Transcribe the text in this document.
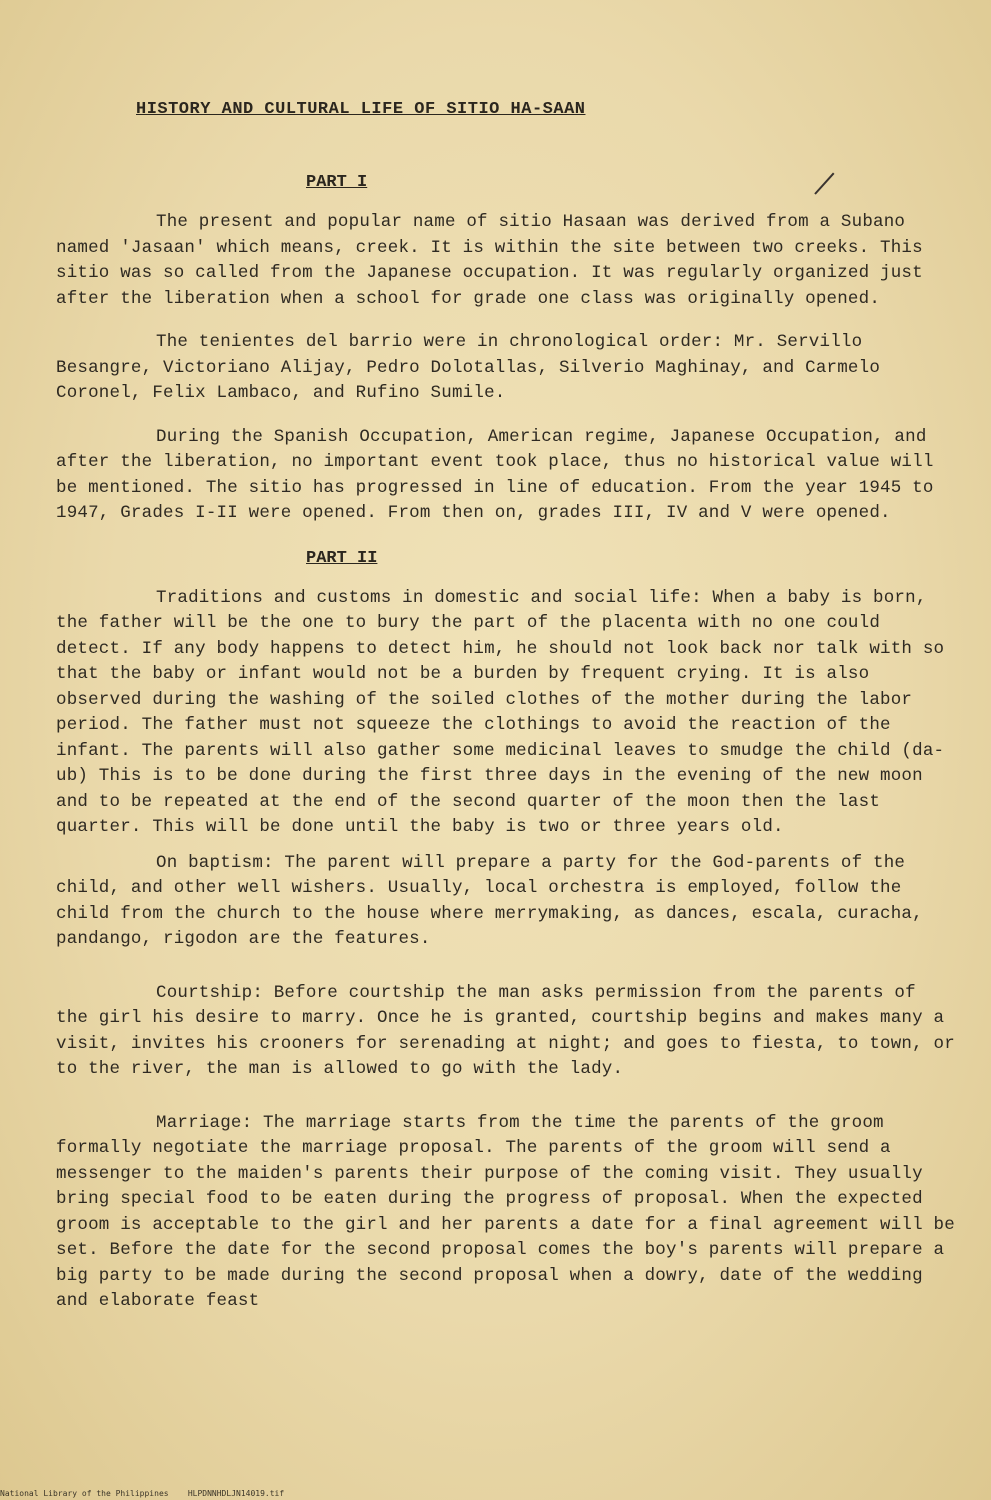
HISTORY AND CULTURAL LIFE OF SITIO HA-SAAN
PART I

The present and popular name of sitio Hasaan was derived from a Subano named 'Jasaan' which means, creek. It is within the site between two creeks. This sitio was so called from the Japanese occupation. It was regularly organized just after the liberation when a school for grade one class was originally opened.

The tenientes del barrio were in chronological order: Mr. Servillo Besangre, Victoriano Alijay, Pedro Dolotallas, Silverio Maghinay, and Carmelo Coronel, Felix Lambaco, and Rufino Sumile.

During the Spanish Occupation, American regime, Japanese Occupation, and after the liberation, no important event took place, thus no historical value will be mentioned. The sitio has progressed in line of education. From the year 1945 to 1947, Grades I-II were opened. From then on, grades III, IV and V were opened.

PART II

Traditions and customs in domestic and social life: When a baby is born, the father will be the one to bury the part of the placenta with no one could detect. If any body happens to detect him, he should not look back nor talk with so that the baby or infant would not be a burden by frequent crying. It is also observed during the washing of the soiled clothes of the mother during the labor period. The father must not squeeze the clothings to avoid the reaction of the infant. The parents will also gather some medicinal leaves to smudge the child (da-ub) This is to be done during the first three days in the evening of the new moon and to be repeated at the end of the second quarter of the moon then the last quarter. This will be done until the baby is two or three years old.

On baptism: The parent will prepare a party for the God-parents of the child, and other well wishers. Usually, local orchestra is employed, follow the child from the church to the house where merrymaking, as dances, escala, curacha, pandango, rigodon are the features.

Courtship: Before courtship the man asks permission from the parents of the girl his desire to marry. Once he is granted, courtship begins and makes many a visit, invites his crooners for serenading at night; and goes to fiesta, to town, or to the river, the man is allowed to go with the lady.

Marriage: The marriage starts from the time the parents of the groom formally negotiate the marriage proposal. The parents of the groom will send a messenger to the maiden's parents their purpose of the coming visit. They usually bring special food to be eaten during the progress of proposal. When the expected groom is acceptable to the girl and her parents a date for a final agreement will be set. Before the date for the second proposal comes the boy's parents will prepare a big party to be made during the second proposal when a dowry, date of the wedding and elaborate feast

National Library of the Philippines HLPDNNHDLJN14019.tif
